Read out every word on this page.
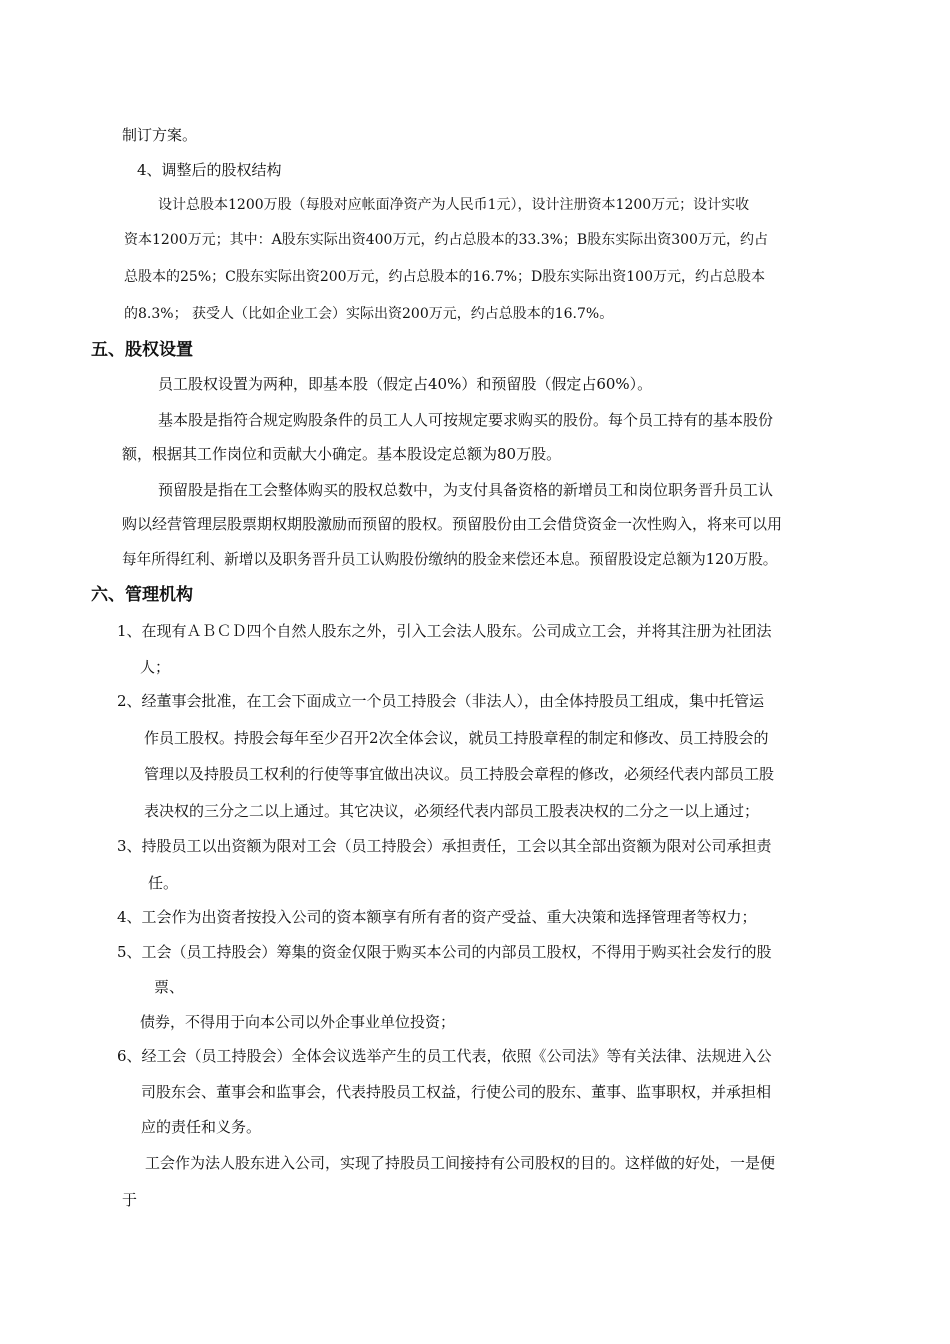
制订方案。
4、调整后的股权结构
设计总股本1200万股（每股对应帐面净资产为人民币1元），设计注册资本1200万元；设计实收
资本1200万元；其中：A股东实际出资400万元，约占总股本的33.3%；B股东实际出资300万元，约占
总股本的25%；C股东实际出资200万元，约占总股本的16.7%；D股东实际出资100万元，约占总股本
的8.3%； 获受人（比如企业工会）实际出资200万元，约占总股本的16.7%。
五、股权设置
员工股权设置为两种，即基本股（假定占40%）和预留股（假定占60%）。
基本股是指符合规定购股条件的员工人人可按规定要求购买的股份。每个员工持有的基本股份
额，根据其工作岗位和贡献大小确定。基本股设定总额为80万股。
预留股是指在工会整体购买的股权总数中，为支付具备资格的新增员工和岗位职务晋升员工认
购以经营管理层股票期权期股激励而预留的股权。预留股份由工会借贷资金一次性购入，将来可以用
每年所得红利、新增以及职务晋升员工认购股份缴纳的股金来偿还本息。预留股设定总额为120万股。
六、管理机构
1、在现有ＡＢＣＤ四个自然人股东之外，引入工会法人股东。公司成立工会，并将其注册为社团法
人；
2、经董事会批准，在工会下面成立一个员工持股会（非法人），由全体持股员工组成，集中托管运
作员工股权。持股会每年至少召开2次全体会议，就员工持股章程的制定和修改、员工持股会的
管理以及持股员工权利的行使等事宜做出决议。员工持股会章程的修改，必须经代表内部员工股
表决权的三分之二以上通过。其它决议，必须经代表内部员工股表决权的二分之一以上通过；
3、持股员工以出资额为限对工会（员工持股会）承担责任，工会以其全部出资额为限对公司承担责
任。
4、工会作为出资者按投入公司的资本额享有所有者的资产受益、重大决策和选择管理者等权力；
5、工会（员工持股会）筹集的资金仅限于购买本公司的内部员工股权，不得用于购买社会发行的股
票、
债券，不得用于向本公司以外企事业单位投资；
6、经工会（员工持股会）全体会议选举产生的员工代表，依照《公司法》等有关法律、法规进入公
司股东会、董事会和监事会，代表持股员工权益，行使公司的股东、董事、监事职权，并承担相
应的责任和义务。
工会作为法人股东进入公司，实现了持股员工间接持有公司股权的目的。这样做的好处，一是便
于
